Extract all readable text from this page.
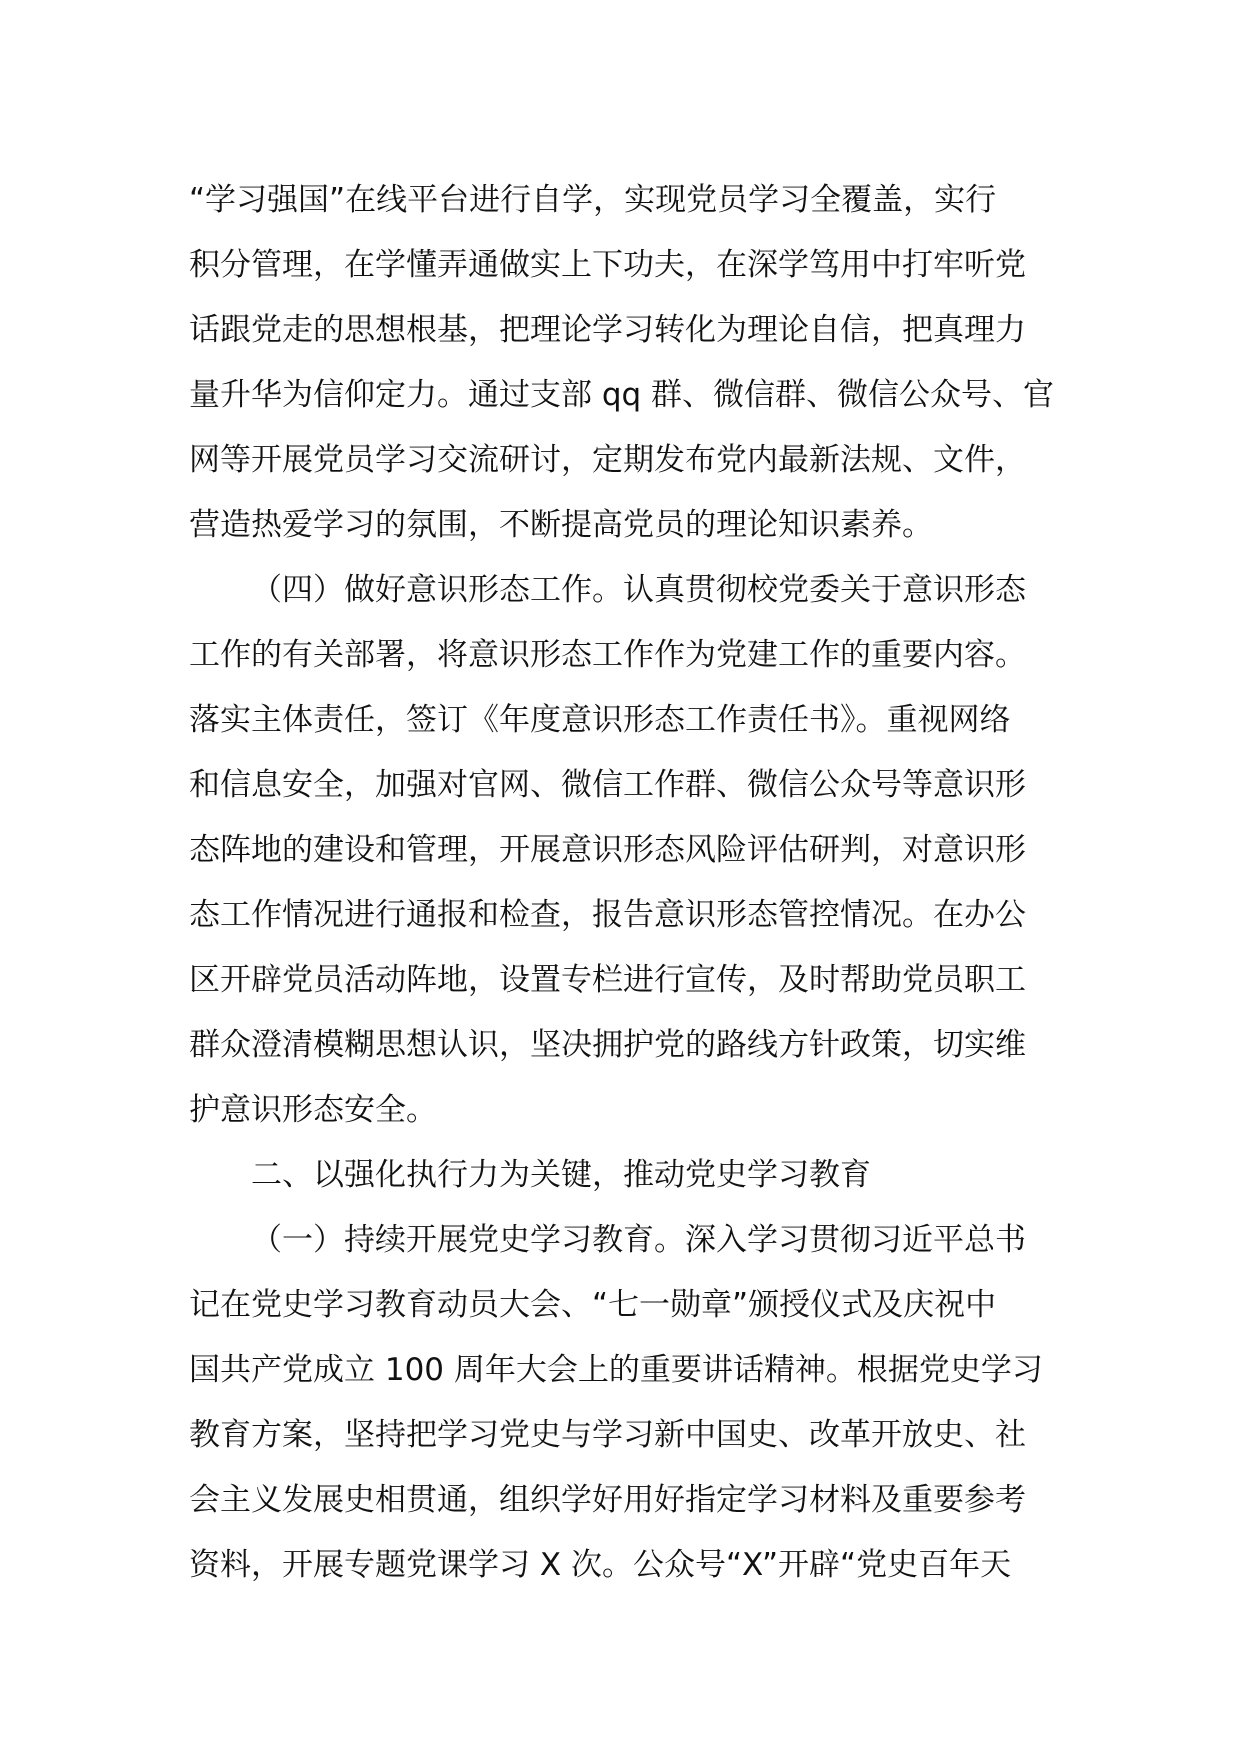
“学习强国”在线平台进行自学，实现党员学习全覆盖，实行
积分管理，在学懂弄通做实上下功夫，在深学笃用中打牢听党
话跟党走的思想根基，把理论学习转化为理论自信，把真理力
量升华为信仰定力。通过支部 qq 群、微信群、微信公众号、官
网等开展党员学习交流研讨，定期发布党内最新法规、文件，
营造热爱学习的氛围，不断提高党员的理论知识素养。
（四）做好意识形态工作。认真贯彻校党委关于意识形态
工作的有关部署，将意识形态工作作为党建工作的重要内容。
落实主体责任，签订《年度意识形态工作责任书》。重视网络
和信息安全，加强对官网、微信工作群、微信公众号等意识形
态阵地的建设和管理，开展意识形态风险评估研判，对意识形
态工作情况进行通报和检查，报告意识形态管控情况。在办公
区开辟党员活动阵地，设置专栏进行宣传，及时帮助党员职工
群众澄清模糊思想认识，坚决拥护党的路线方针政策，切实维
护意识形态安全。
二、以强化执行力为关键，推动党史学习教育
（一）持续开展党史学习教育。深入学习贯彻习近平总书
记在党史学习教育动员大会、“七一勋章”颁授仪式及庆祝中
国共产党成立 100 周年大会上的重要讲话精神。根据党史学习
教育方案，坚持把学习党史与学习新中国史、改革开放史、社
会主义发展史相贯通，组织学好用好指定学习材料及重要参考
资料，开展专题党课学习 X 次。公众号“X”开辟“党史百年天
